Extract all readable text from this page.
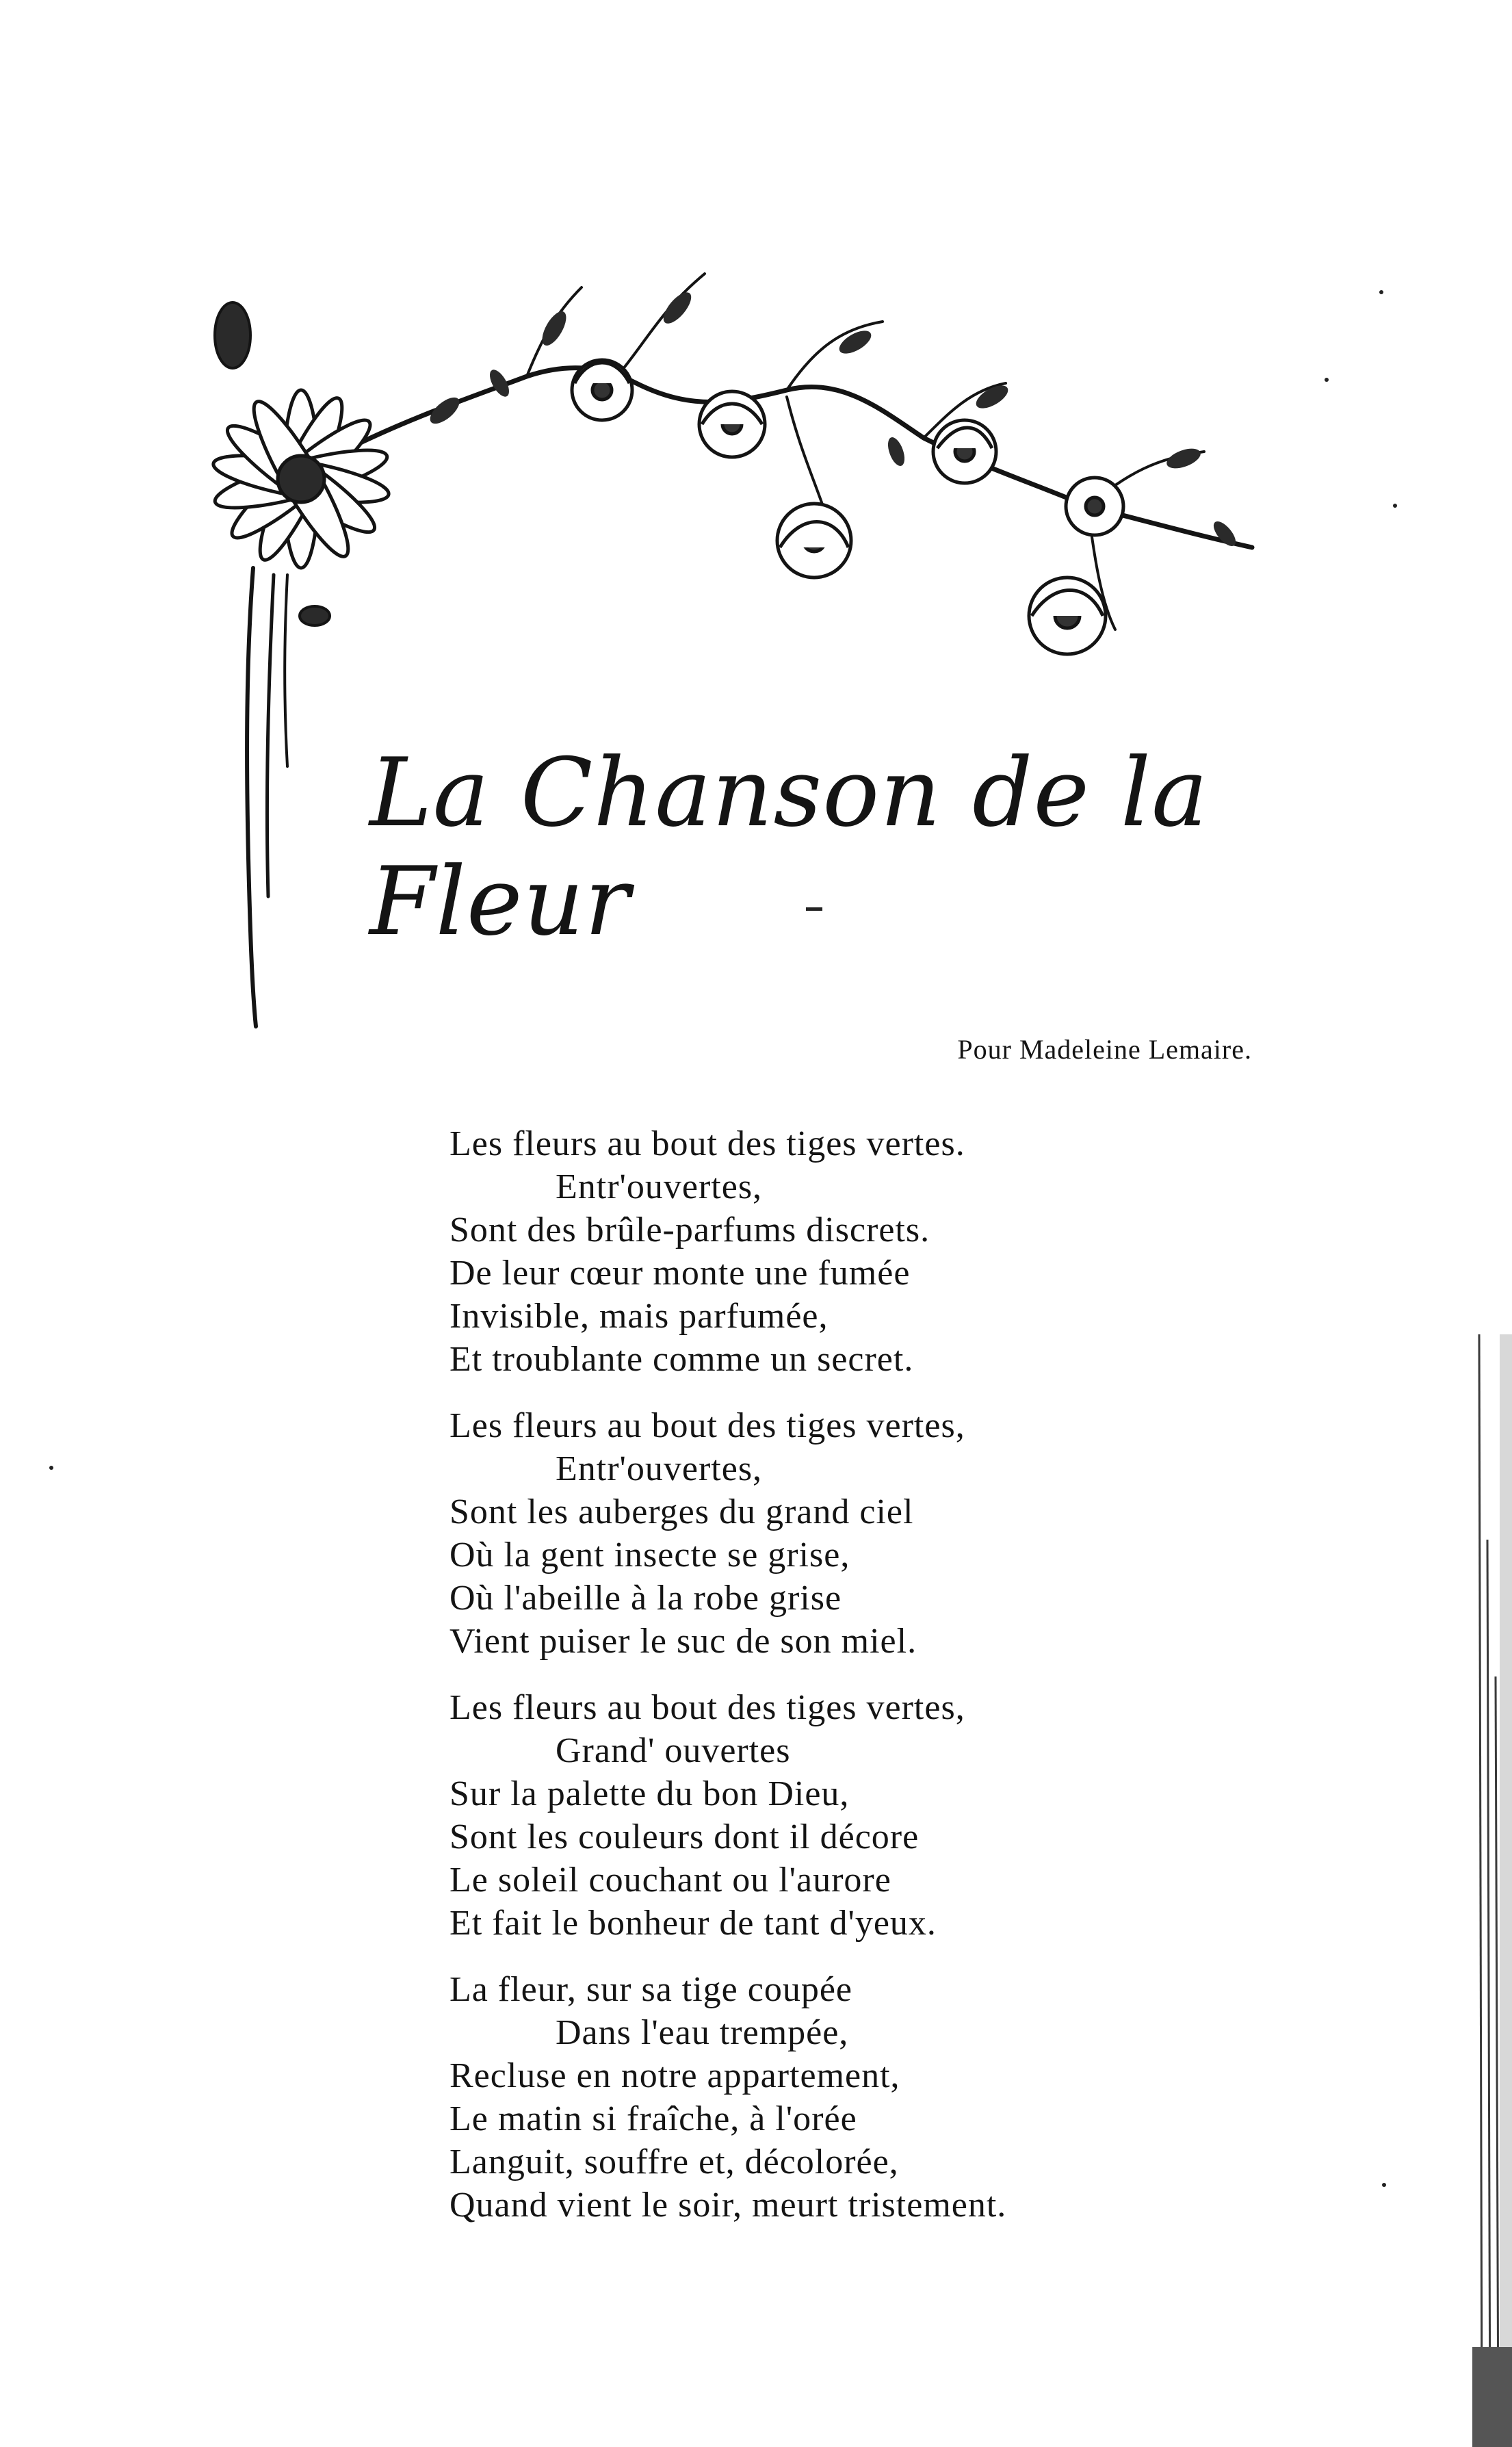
La Chanson de la Fleur
Pour Madeleine Lemaire.
Les fleurs au bout des tiges vertes.
Entr'ouvertes,
Sont des brûle-parfums discrets.
De leur cœur monte une fumée
Invisible, mais parfumée,
Et troublante comme un secret.
Les fleurs au bout des tiges vertes,
Entr'ouvertes,
Sont les auberges du grand ciel
Où la gent insecte se grise,
Où l'abeille à la robe grise
Vient puiser le suc de son miel.
Les fleurs au bout des tiges vertes,
Grand' ouvertes
Sur la palette du bon Dieu,
Sont les couleurs dont il décore
Le soleil couchant ou l'aurore
Et fait le bonheur de tant d'yeux.
La fleur, sur sa tige coupée
Dans l'eau trempée,
Recluse en notre appartement,
Le matin si fraîche, à l'orée
Languit, souffre et, décolorée,
Quand vient le soir, meurt tristement.
